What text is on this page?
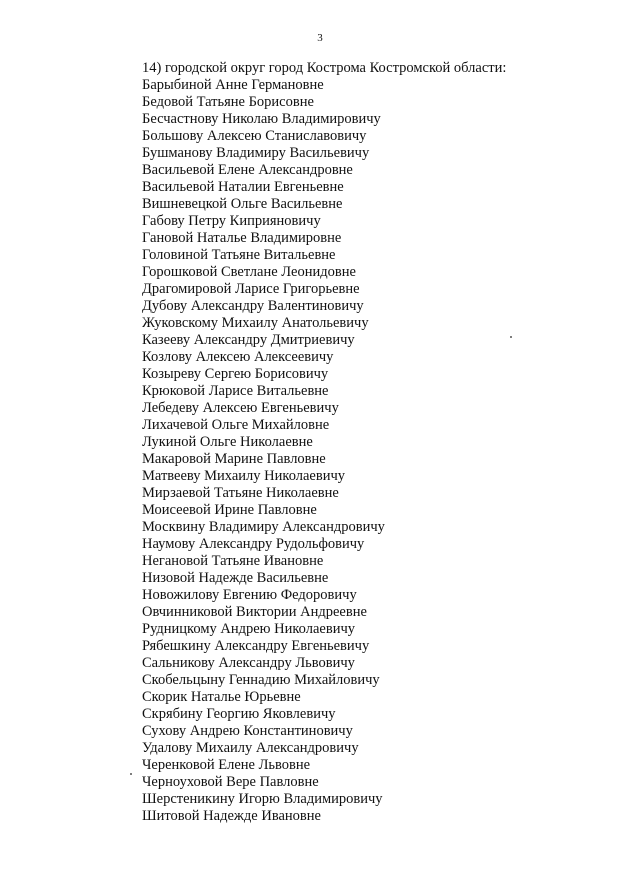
3
14) городской округ город Кострома Костромской области:
Барыбиной Анне Германовне
Бедовой Татьяне Борисовне
Бесчастнову Николаю Владимировичу
Большову Алексею Станиславовичу
Бушманову Владимиру Васильевичу
Васильевой Елене Александровне
Васильевой Наталии Евгеньевне
Вишневецкой Ольге Васильевне
Габову Петру Киприяновичу
Гановой Наталье Владимировне
Головиной Татьяне Витальевне
Горошковой Светлане Леонидовне
Драгомировой Ларисе Григорьевне
Дубову Александру Валентиновичу
Жуковскому Михаилу Анатольевичу
Казееву Александру Дмитриевичу
Козлову Алексею Алексеевичу
Козыреву Сергею Борисовичу
Крюковой Ларисе Витальевне
Лебедеву Алексею Евгеньевичу
Лихачевой Ольге Михайловне
Лукиной Ольге Николаевне
Макаровой Марине Павловне
Матвееву Михаилу Николаевичу
Мирзаевой Татьяне Николаевне
Моисеевой Ирине Павловне
Москвину Владимиру Александровичу
Наумову Александру Рудольфовичу
Негановой Татьяне Ивановне
Низовой Надежде Васильевне
Новожилову Евгению Федоровичу
Овчинниковой Виктории Андреевне
Рудницкому Андрею Николаевичу
Рябешкину Александру Евгеньевичу
Сальникову Александру Львовичу
Скобельцыну Геннадию Михайловичу
Скорик Наталье Юрьевне
Скрябину Георгию Яковлевичу
Сухову Андрею Константиновичу
Удалову Михаилу Александровичу
Черенковой Елене Львовне
Черноуховой Вере Павловне
Шерстеникину Игорю Владимировичу
Шитовой Надежде Ивановне
